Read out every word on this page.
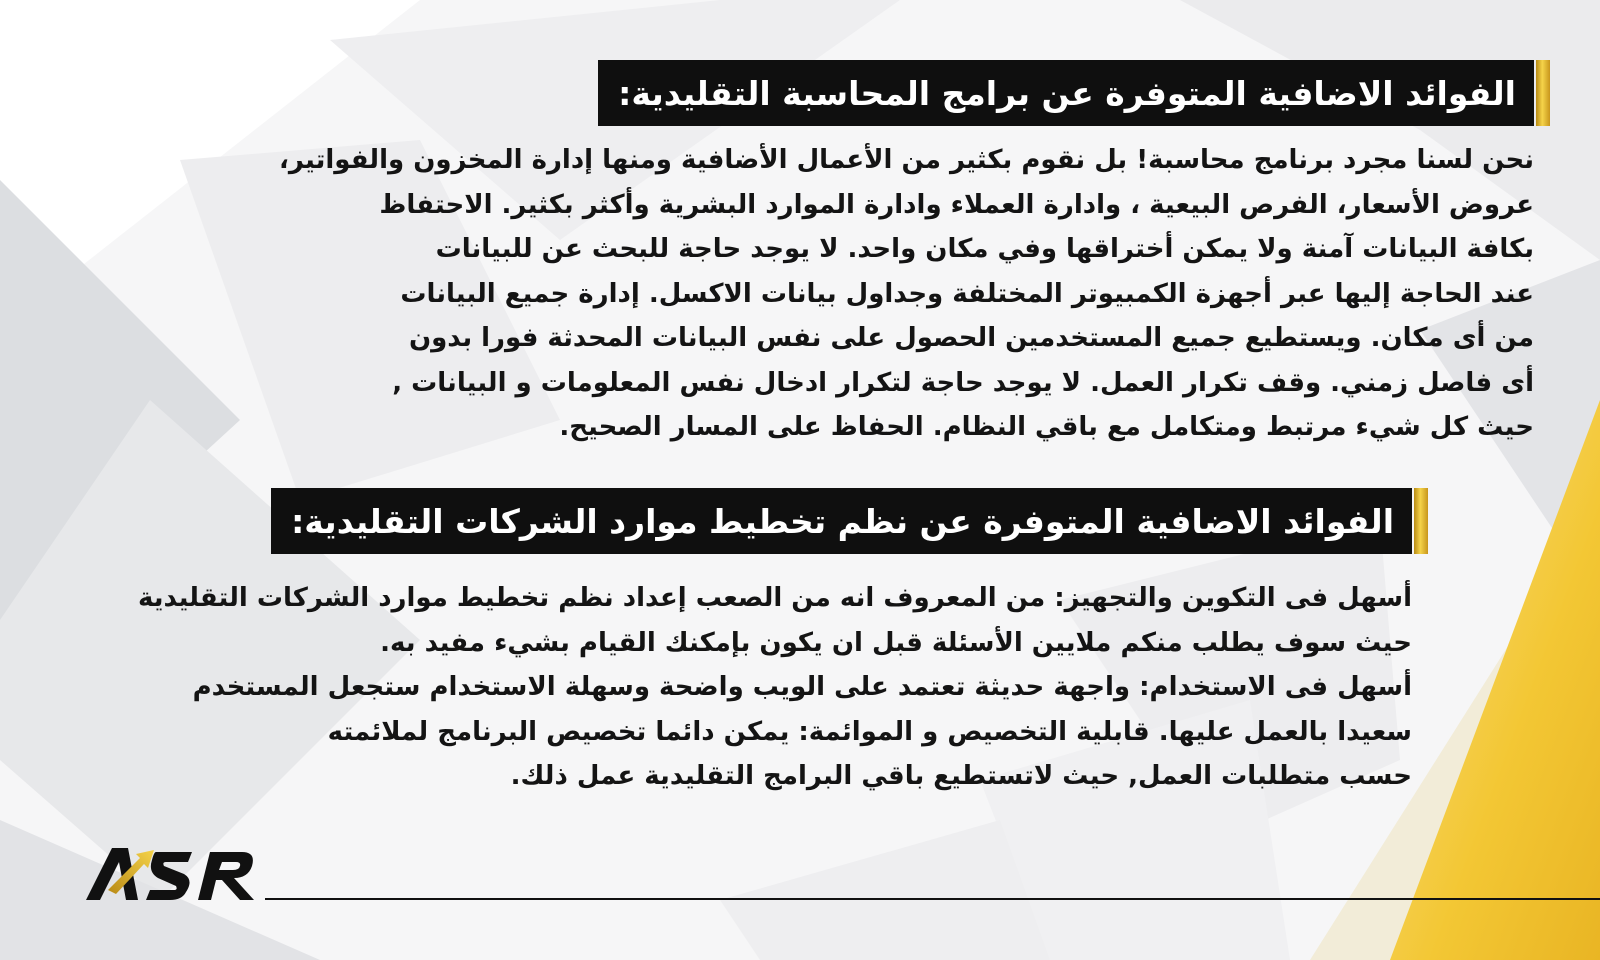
الفوائد الاضافية المتوفرة عن برامج المحاسبة التقليدية:
نحن لسنا مجرد برنامج محاسبة! بل نقوم بكثير من الأعمال الأضافية ومنها إدارة المخزون والفواتير،
عروض الأسعار، الفرص البيعية ، وادارة العملاء وادارة الموارد البشرية وأكثر بكثير. الاحتفاظ
بكافة البيانات آمنة ولا يمكن أختراقها وفي مكان واحد. لا يوجد حاجة للبحث عن للبيانات
عند الحاجة إليها عبر أجهزة الكمبيوتر المختلفة وجداول بيانات الاكسل. إدارة جميع البيانات
من أى مكان. ويستطيع جميع المستخدمين الحصول على نفس البيانات المحدثة فورا بدون
أى فاصل زمني. وقف تكرار العمل. لا يوجد حاجة لتكرار ادخال نفس المعلومات و البيانات ,
حيث كل شيء مرتبط ومتكامل مع باقي النظام. الحفاظ على المسار الصحيح.
الفوائد الاضافية المتوفرة عن نظم تخطيط موارد الشركات التقليدية:
أسهل فى التكوين والتجهيز: من المعروف انه من الصعب إعداد نظم تخطيط موارد الشركات التقليدية
حيث سوف يطلب منكم ملايين الأسئلة قبل ان يكون بإمكنك القيام بشيء مفيد به.
أسهل فى الاستخدام: واجهة حديثة تعتمد على الويب واضحة وسهلة الاستخدام ستجعل المستخدم
سعيدا بالعمل عليها. قابلية التخصيص و الموائمة: يمكن دائما تخصيص البرنامج لملائمته
حسب متطلبات العمل, حيث لاتستطيع باقي البرامج التقليدية عمل ذلك.
